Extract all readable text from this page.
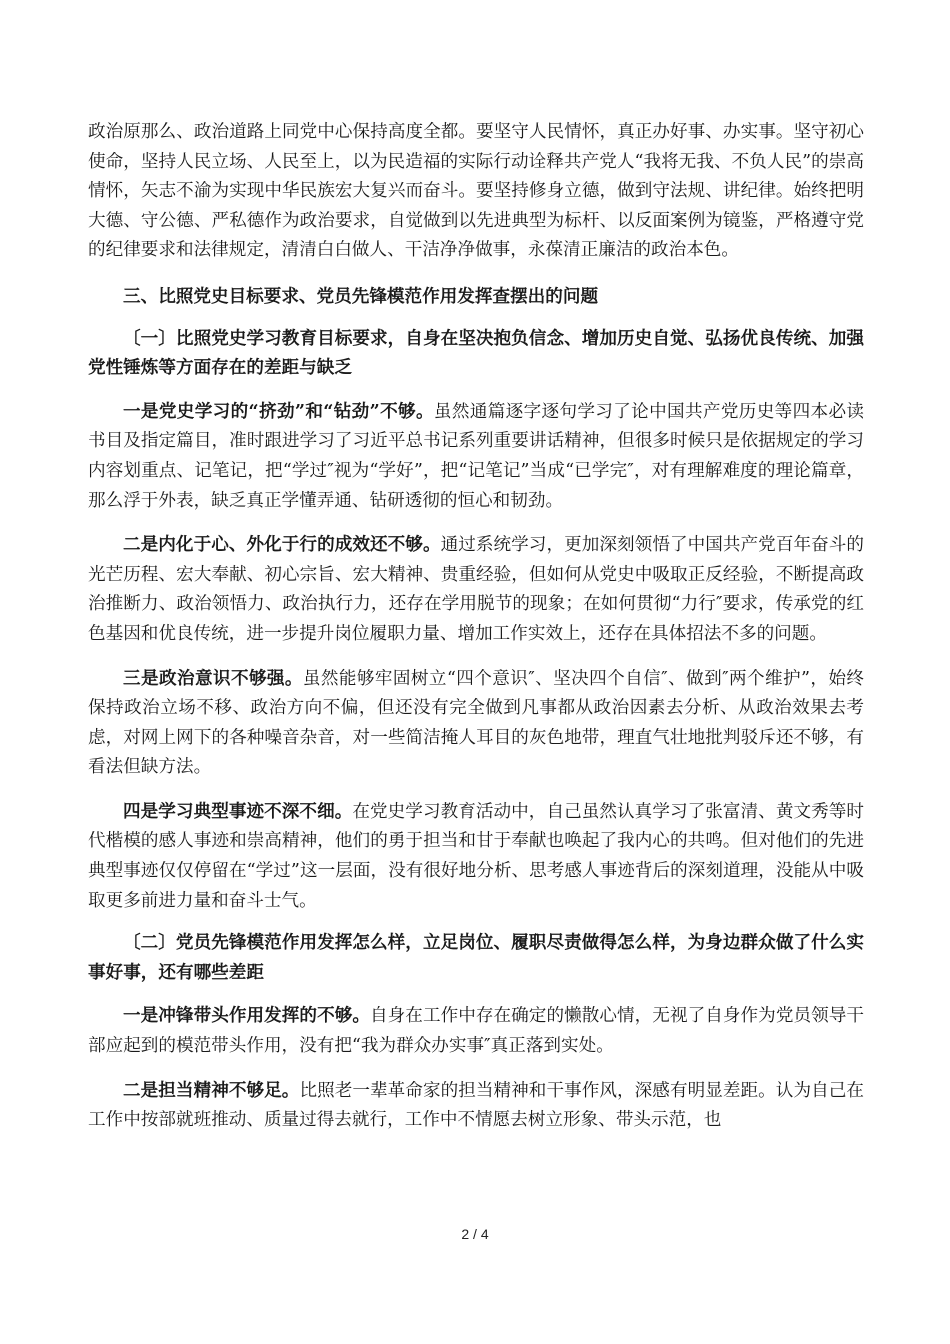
政治原那么、政治道路上同党中心保持高度全都。要坚守人民情怀，真正办好事、办实事。坚守初心使命，坚持人民立场、人民至上，以为民造福的实际行动诠释共产党人“我将无我、不负人民”的崇高情怀，矢志不渝为实现中华民族宏大复兴而奋斗。要坚持修身立德，做到守法规、讲纪律。始终把明大德、守公德、严私德作为政治要求，自觉做到以先进典型为标杆、以反面案例为镜鉴，严格遵守党的纪律要求和法律规定，清清白白做人、干洁净净做事，永葆清正廉洁的政治本色。

三、比照党史目标要求、党员先锋模范作用发挥查摆出的问题

〔一〕比照党史学习教育目标要求，自身在坚决抱负信念、增加历史自觉、弘扬优良传统、加强党性锤炼等方面存在的差距与缺乏

一是党史学习的“挤劲”和“钻劲”不够。虽然通篇逐字逐句学习了论中国共产党历史等四本必读书目及指定篇目，准时跟进学习了习近平总书记系列重要讲话精神，但很多时候只是依据规定的学习内容划重点、记笔记，把“学过″视为“学好”，把“记笔记”当成“已学完″，对有理解难度的理论篇章，那么浮于外表，缺乏真正学懂弄通、钻研透彻的恒心和韧劲。

二是内化于心、外化于行的成效还不够。通过系统学习，更加深刻领悟了中国共产党百年奋斗的光芒历程、宏大奉献、初心宗旨、宏大精神、贵重经验，但如何从党史中吸取正反经验，不断提高政治推断力、政治领悟力、政治执行力，还存在学用脱节的现象；在如何贯彻“力行″要求，传承党的红色基因和优良传统，进一步提升岗位履职力量、增加工作实效上，还存在具体招法不多的问题。

三是政治意识不够强。虽然能够牢固树立“四个意识″、坚决四个自信″、做到″两个维护”，始终保持政治立场不移、政治方向不偏，但还没有完全做到凡事都从政治因素去分析、从政治效果去考虑，对网上网下的各种噪音杂音，对一些简洁掩人耳目的灰色地带，理直气壮地批判驳斥还不够，有看法但缺方法。

四是学习典型事迹不深不细。在党史学习教育活动中，自己虽然认真学习了张富清、黄文秀等时代楷模的感人事迹和崇高精神，他们的勇于担当和甘于奉献也唤起了我内心的共鸣。但对他们的先进典型事迹仅仅停留在“学过”这一层面，没有很好地分析、思考感人事迹背后的深刻道理，没能从中吸取更多前进力量和奋斗士气。

〔二〕党员先锋模范作用发挥怎么样，立足岗位、履职尽责做得怎么样，为身边群众做了什么实事好事，还有哪些差距

一是冲锋带头作用发挥的不够。自身在工作中存在确定的懒散心情，无视了自身作为党员领导干部应起到的模范带头作用，没有把“我为群众办实事″真正落到实处。

二是担当精神不够足。比照老一辈革命家的担当精神和干事作风，深感有明显差距。认为自己在工作中按部就班推动、质量过得去就行，工作中不情愿去树立形象、带头示范，也

2 / 4
